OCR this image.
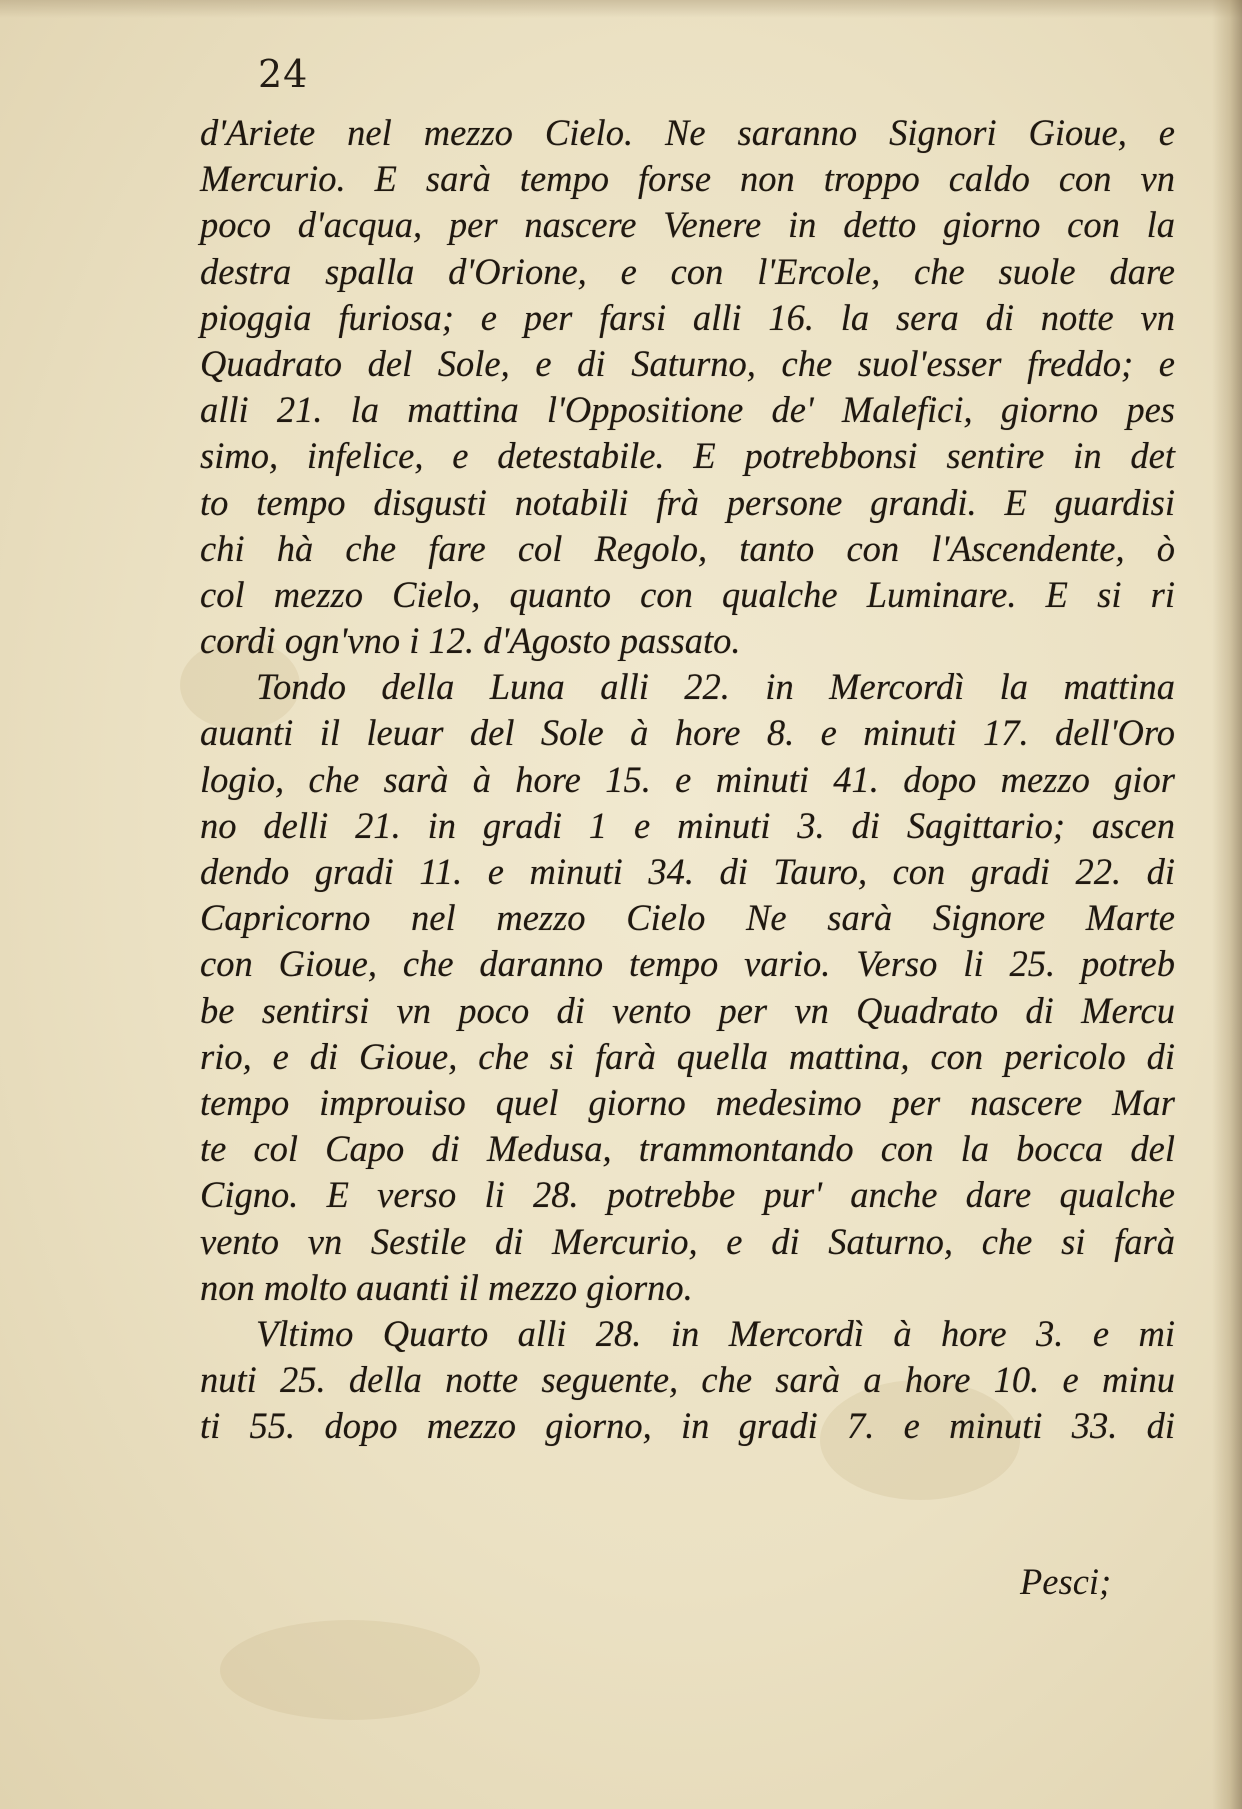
24
d'Ariete nel mezzo Cielo. Ne saranno Signori Gioue, e
Mercurio. E sarà tempo forse non troppo caldo con vn
poco d'acqua, per nascere Venere in detto giorno con la
destra spalla d'Orione, e con l'Ercole, che suole dare
pioggia furiosa; e per farsi alli 16. la sera di notte vn
Quadrato del Sole, e di Saturno, che suol'esser freddo; e
alli 21. la mattina l'Oppositione de' Malefici, giorno pes
simo, infelice, e detestabile. E potrebbonsi sentire in det
to tempo disgusti notabili frà persone grandi. E guardisi
chi hà che fare col Regolo, tanto con l'Ascendente, ò
col mezzo Cielo, quanto con qualche Luminare. E si ri
cordi ogn'vno i 12. d'Agosto passato.
Tondo della Luna alli 22. in Mercordì la mattina
auanti il leuar del Sole à hore 8. e minuti 17. dell'Oro
logio, che sarà à hore 15. e minuti 41. dopo mezzo gior
no delli 21. in gradi 1 e minuti 3. di Sagittario; ascen
dendo gradi 11. e minuti 34. di Tauro, con gradi 22. di
Capricorno nel mezzo Cielo Ne sarà Signore Marte
con Gioue, che daranno tempo vario. Verso li 25. potreb
be sentirsi vn poco di vento per vn Quadrato di Mercu
rio, e di Gioue, che si farà quella mattina, con pericolo di
tempo improuiso quel giorno medesimo per nascere Mar
te col Capo di Medusa, trammontando con la bocca del
Cigno. E verso li 28. potrebbe pur' anche dare qualche
vento vn Sestile di Mercurio, e di Saturno, che si farà
non molto auanti il mezzo giorno.
Vltimo Quarto alli 28. in Mercordì à hore 3. e mi
nuti 25. della notte seguente, che sarà a hore 10. e minu
ti 55. dopo mezzo giorno, in gradi 7. e minuti 33. di
Pesci;
